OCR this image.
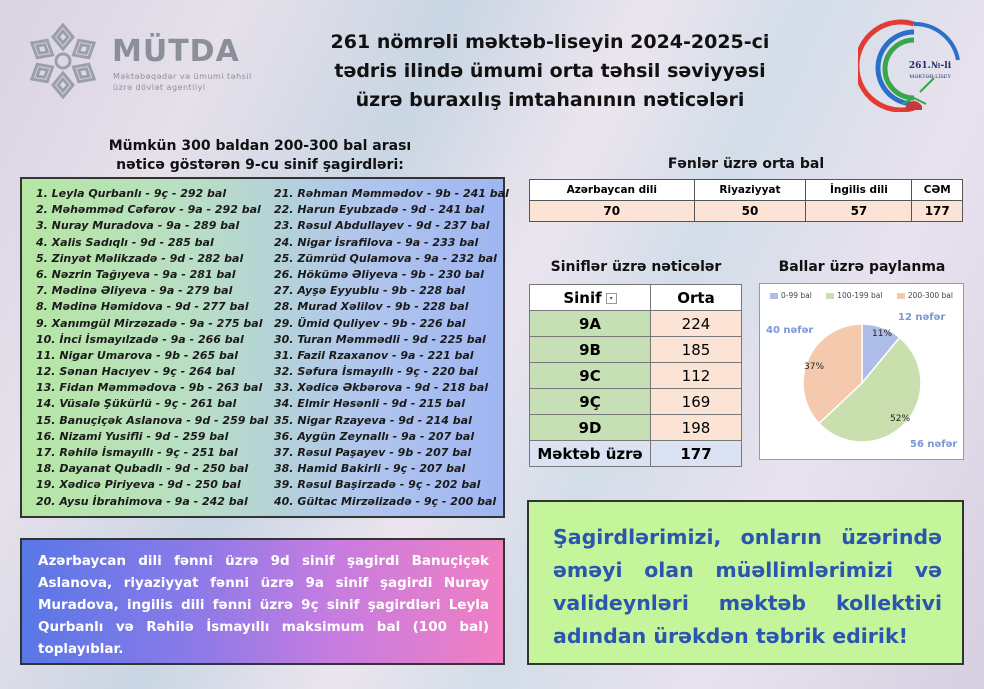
MÜTDA
Məktəbəqədər və ümumi təhsil
üzrə dövlət agentliyi
261 nömrəli məktəb-liseyin 2024-2025-ci
tədris ilində ümumi orta təhsil səviyyəsi
üzrə buraxılış imtahanının nəticələri
261.№-li
MƏKTƏB-LİSEY
Mümkün 300 baldan 200-300 bal arası
nəticə göstərən 9-cu sinif şagirdləri:
1. Leyla Qurbanlı - 9ç - 292 bal
2. Məhəmməd Cəfərov - 9a - 292 bal
3. Nuray Muradova - 9a - 289 bal
4. Xalis Sadıqlı - 9d - 285 bal
5. Zinyət Məlikzadə - 9d - 282 bal
6. Nəzrin Tağıyeva - 9a - 281 bal
7. Mədinə Əliyeva - 9a - 279 bal
8. Mədinə Həmidova - 9d - 277 bal
9. Xanımgül Mirzəzadə - 9a - 275 bal
10. İnci İsmayılzadə - 9a - 266 bal
11. Nigar Umarova - 9b - 265 bal
12. Sənan Hacıyev - 9ç - 264 bal
13. Fidan Məmmədova - 9b - 263 bal
14. Vüsalə Şükürlü - 9ç - 261 bal
15. Banuçiçək Aslanova - 9d - 259 bal
16. Nizami Yusifli - 9d - 259 bal
17. Rəhilə İsmayıllı - 9ç - 251 bal
18. Dayanat Qubadlı - 9d - 250 bal
19. Xədicə Piriyeva - 9d - 250 bal
20. Aysu İbrahimova - 9a - 242 bal
21. Rəhman Məmmədov - 9b - 241 bal
22. Harun Eyubzadə - 9d - 241 bal
23. Rəsul Abdullayev - 9d - 237 bal
24. Nigar İsrafilova - 9a - 233 bal
25. Zümrüd Qulamova - 9a - 232 bal
26. Hökümə Əliyeva - 9b - 230 bal
27. Ayşə Eyyublu - 9b - 228 bal
28. Murad Xəlilov - 9b - 228 bal
29. Ümid Quliyev - 9b - 226 bal
30. Turan Məmmədli - 9d - 225 bal
31. Fazil Rzaxanov - 9a - 221 bal
32. Səfura İsmayıllı - 9ç - 220 bal
33. Xədicə Əkbərova - 9d - 218 bal
34. Elmir Həsənli - 9d - 215 bal
35. Nigar Rzayeva - 9d - 214 bal
36. Aygün Zeynallı - 9a - 207 bal
37. Rəsul Paşayev - 9b - 207 bal
38. Hamid Bakirli - 9ç - 207 bal
39. Rəsul Başirzadə - 9ç - 202 bal
40. Gültac Mirzəlizadə - 9ç - 200 bal
Fənlər üzrə orta bal
Azərbaycan dili	Riyaziyyat	İngilis dili	CƏM
70	50	57	177
Siniflər üzrə nəticələr
Sinif ▾	Orta
9A	224
9B	185
9C	112
9Ç	169
9D	198
Məktəb üzrə	177
Ballar üzrə paylanma
0-99 bal	100-199 bal	200-300 bal
11%
52%
37%
12 nəfər
56 nəfər
40 nəfər
Azərbaycan dili fənni üzrə 9d sinif şagirdi Banuçiçək Aslanova, riyaziyyat fənni üzrə 9a sinif şagirdi Nuray Muradova, ingilis dili fənni üzrə 9ç sinif şagirdləri Leyla Qurbanlı və Rəhilə İsmayıllı maksimum bal (100 bal) toplayıblar.
Şagirdlərimizi, onların üzərində əməyi olan müəllimlərimizi və valideynləri məktəb kollektivi adından ürəkdən təbrik edirik!
